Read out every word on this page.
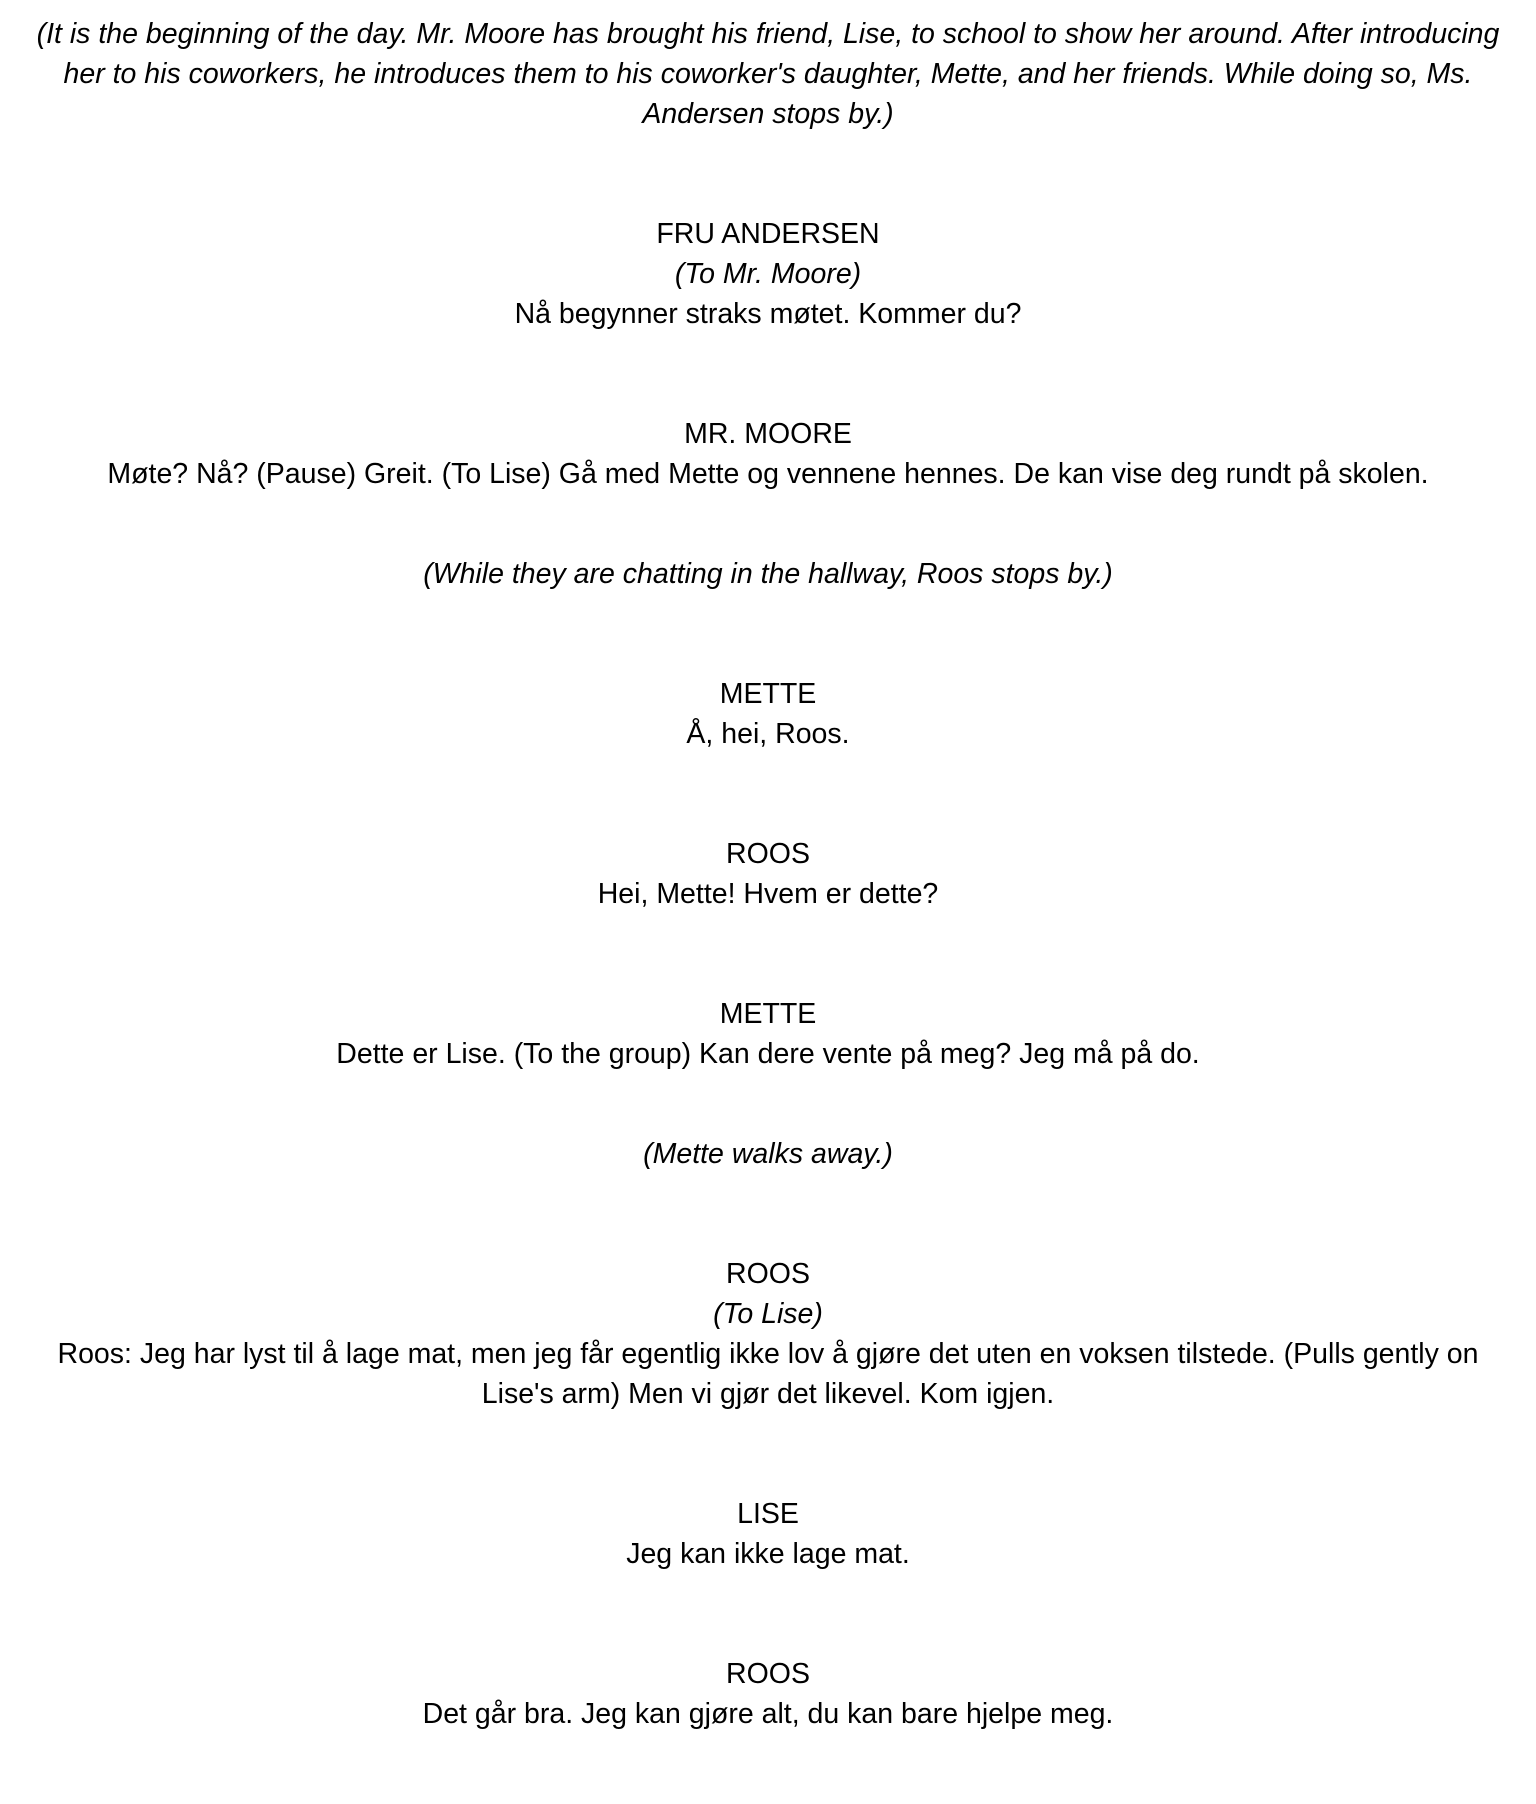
(It is the beginning of the day. Mr. Moore has brought his friend, Lise, to school to show her around. After introducing her to his coworkers, he introduces them to his coworker's daughter, Mette, and her friends. While doing so, Ms. Andersen stops by.)

FRU ANDERSEN
(To Mr. Moore)
Nå begynner straks møtet. Kommer du?
MR. MOORE
Møte? Nå? (Pause) Greit. (To Lise) Gå med Mette og vennene hennes. De kan vise deg rundt på skolen.

(While they are chatting in the hallway, Roos stops by.)

METTE
Å, hei, Roos.
ROOS
Hei, Mette! Hvem er dette?
METTE
Dette er Lise. (To the group) Kan dere vente på meg? Jeg må på do.

(Mette walks away.)

ROOS
(To Lise)
Roos: Jeg har lyst til å lage mat, men jeg får egentlig ikke lov å gjøre det uten en voksen tilstede. (Pulls gently on Lise's arm) Men vi gjør det likevel. Kom igjen.
LISE
Jeg kan ikke lage mat.
ROOS
Det går bra. Jeg kan gjøre alt, du kan bare hjelpe meg.
